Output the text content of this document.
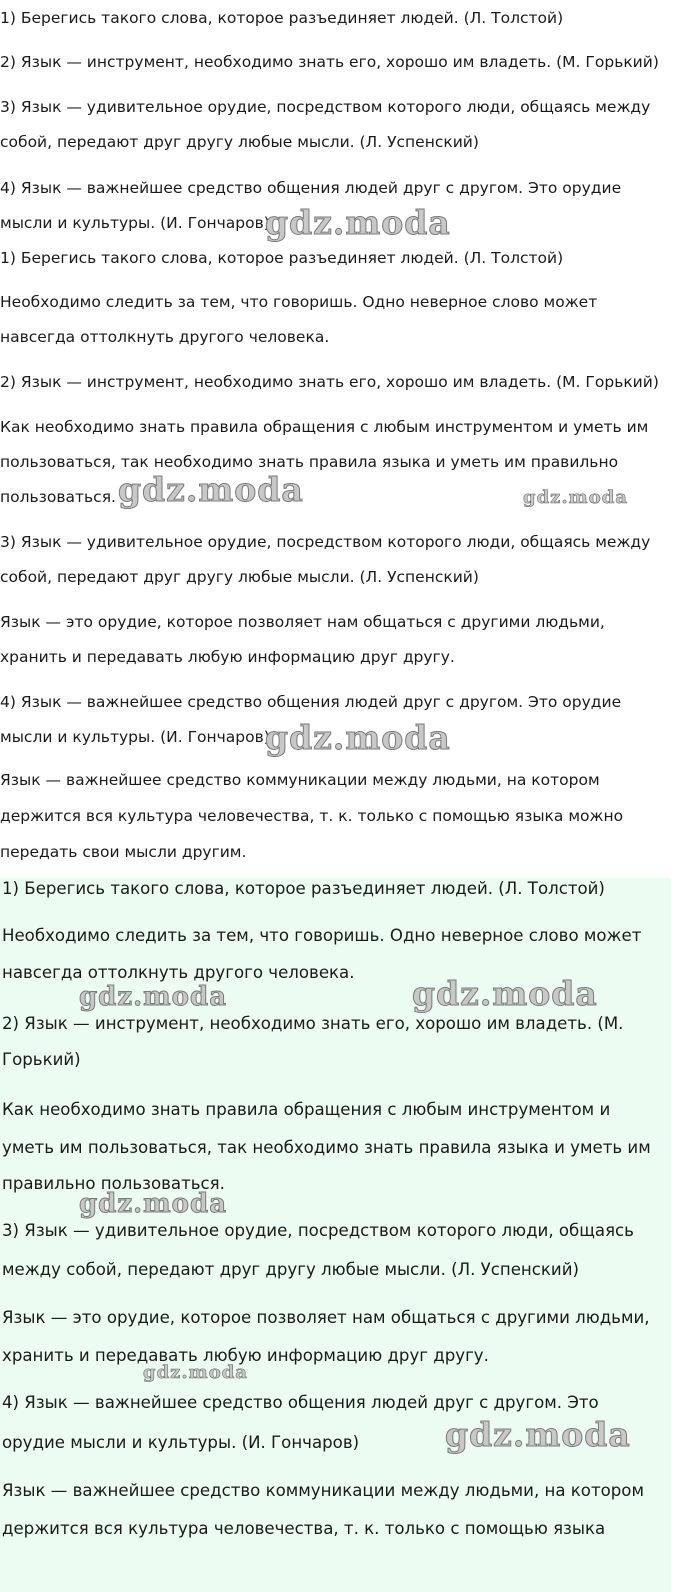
1) Берегись такого слова, которое разъединяет людей. (Л. Толстой)

2) Язык — инструмент, необходимо знать его, хорошо им владеть. (М. Горький)

3) Язык — удивительное орудие, посредством которого люди, общаясь между

собой, передают друг другу любые мысли. (Л. Успенский)

4) Язык — важнейшее средство общения людей друг с другом. Это орудие

мысли и культуры. (И. Гончаров)

1) Берегись такого слова, которое разъединяет людей. (Л. Толстой)

Необходимо следить за тем, что говоришь. Одно неверное слово может

навсегда оттолкнуть другого человека.

2) Язык — инструмент, необходимо знать его, хорошо им владеть. (М. Горький)

Как необходимо знать правила обращения с любым инструментом и уметь им

пользоваться, так необходимо знать правила языка и уметь им правильно

пользоваться.

3) Язык — удивительное орудие, посредством которого люди, общаясь между

собой, передают друг другу любые мысли. (Л. Успенский)

Язык — это орудие, которое позволяет нам общаться с другими людьми,

хранить и передавать любую информацию друг другу.

4) Язык — важнейшее средство общения людей друг с другом. Это орудие

мысли и культуры. (И. Гончаров)

Язык — важнейшее средство коммуникации между людьми, на котором

держится вся культура человечества, т. к. только с помощью языка можно

передать свои мысли другим.

gdz.moda
gdz.moda	gdz.moda
gdz.moda

1) Берегись такого слова, которое разъединяет людей. (Л. Толстой)

Необходимо следить за тем, что говоришь. Одно неверное слово может

навсегда оттолкнуть другого человека.

2) Язык — инструмент, необходимо знать его, хорошо им владеть. (М.

Горький)

Как необходимо знать правила обращения с любым инструментом и

уметь им пользоваться, так необходимо знать правила языка и уметь им

правильно пользоваться.

3) Язык — удивительное орудие, посредством которого люди, общаясь

между собой, передают друг другу любые мысли. (Л. Успенский)

Язык — это орудие, которое позволяет нам общаться с другими людьми,

хранить и передавать любую информацию друг другу.

4) Язык — важнейшее средство общения людей друг с другом. Это

орудие мысли и культуры. (И. Гончаров)

Язык — важнейшее средство коммуникации между людьми, на котором

держится вся культура человечества, т. к. только с помощью языка

gdz.moda	gdz.moda
gdz.moda
gdz.moda
gdz.moda
